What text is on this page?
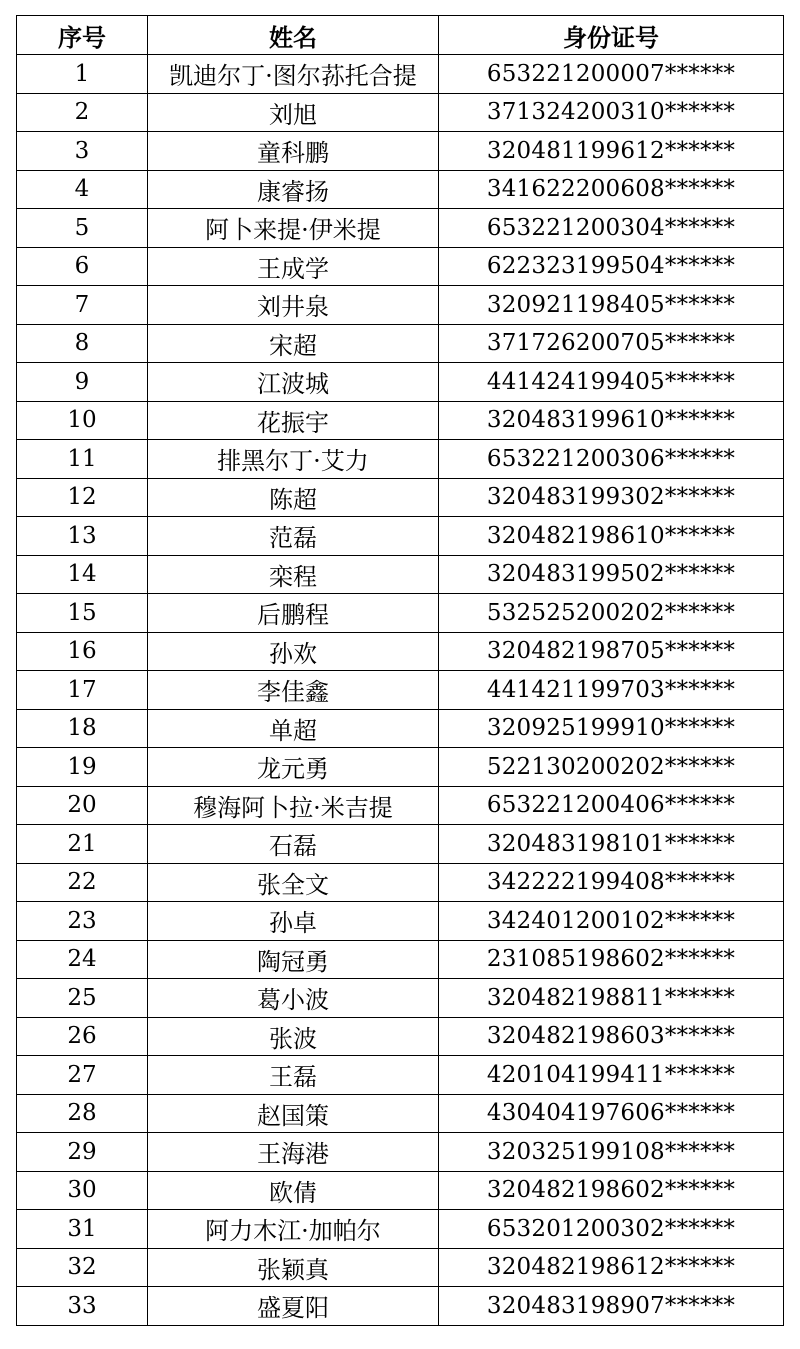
序号	姓名	身份证号
1	凯迪尔丁·图尔荪托合提	653221200007******
2	刘旭	371324200310******
3	童科鹏	320481199612******
4	康睿扬	341622200608******
5	阿卜来提·伊米提	653221200304******
6	王成学	622323199504******
7	刘井泉	320921198405******
8	宋超	371726200705******
9	江波城	441424199405******
10	花振宇	320483199610******
11	排黑尔丁·艾力	653221200306******
12	陈超	320483199302******
13	范磊	320482198610******
14	栾程	320483199502******
15	后鹏程	532525200202******
16	孙欢	320482198705******
17	李佳鑫	441421199703******
18	单超	320925199910******
19	龙元勇	522130200202******
20	穆海阿卜拉·米吉提	653221200406******
21	石磊	320483198101******
22	张全文	342222199408******
23	孙卓	342401200102******
24	陶冠勇	231085198602******
25	葛小波	320482198811******
26	张波	320482198603******
27	王磊	420104199411******
28	赵国策	430404197606******
29	王海港	320325199108******
30	欧倩	320482198602******
31	阿力木江·加帕尔	653201200302******
32	张颖真	320482198612******
33	盛夏阳	320483198907******
